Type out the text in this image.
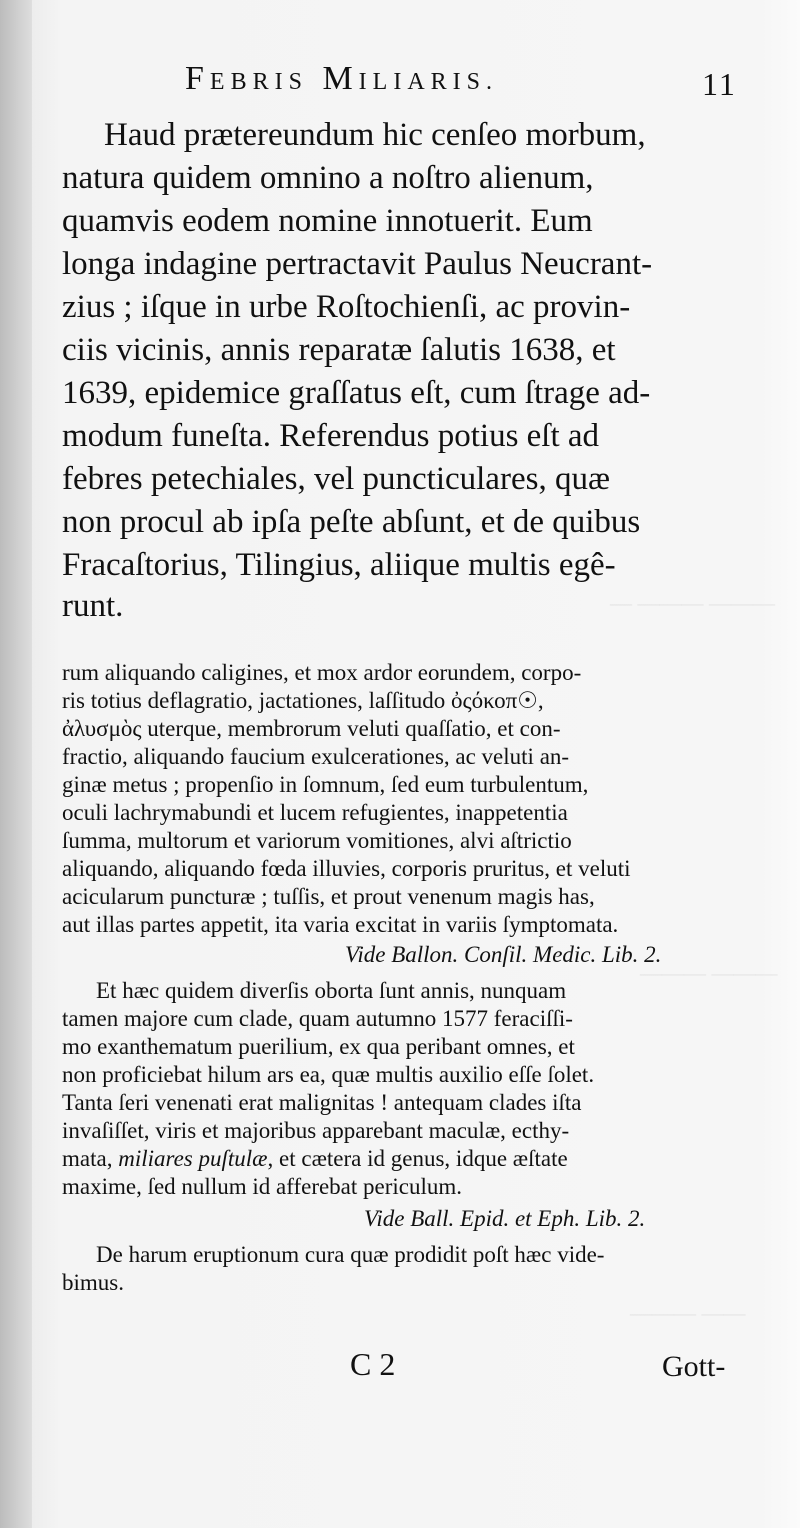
— ——— ———
——— ———
——— ——
FEBRIS MILIARIS.	11
Haud prætereundum hic cenſeo morbum,
natura quidem omnino a noſtro alienum,
quamvis eodem nomine innotuerit. Eum
longa indagine pertractavit Paulus Neucrant-
zius ; iſque in urbe Roſtochienſi, ac provin-
ciis vicinis, annis reparatæ ſalutis 1638, et
1639, epidemice graſſatus eſt, cum ſtrage ad-
modum funeſta. Referendus potius eſt ad
febres petechiales, vel puncticulares, quæ
non procul ab ipſa peſte abſunt, et de quibus
Fracaſtorius, Tilingius, aliique multis egê-
runt.
rum aliquando caligines, et mox ardor eorundem, corpo-
ris totius deflagratio, jactationes, laſſitudo ὀςόκοπ☉,
ἀλυσμὸς uterque, membrorum veluti quaſſatio, et con-
fractio, aliquando faucium exulcerationes, ac veluti an-
ginæ metus ; propenſio in ſomnum, ſed eum turbulentum,
oculi lachrymabundi et lucem refugientes, inappetentia
ſumma, multorum et variorum vomitiones, alvi aſtrictio
aliquando, aliquando fœda illuvies, corporis pruritus, et veluti
acicularum puncturæ ; tuſſis, et prout venenum magis has,
aut illas partes appetit, ita varia excitat in variis ſymptomata.
Vide Ballon. Conſil. Medic. Lib. 2.
Et hæc quidem diverſis oborta ſunt annis, nunquam
tamen majore cum clade, quam autumno 1577 feraciſſi-
mo exanthematum puerilium, ex qua peribant omnes, et
non proficiebat hilum ars ea, quæ multis auxilio eſſe ſolet.
Tanta ſeri venenati erat malignitas ! antequam clades iſta
invaſiſſet, viris et majoribus apparebant maculæ, ecthy-
mata, miliares puſtulæ, et cætera id genus, idque æſtate
maxime, ſed nullum id afferebat periculum.
Vide Ball. Epid. et Eph. Lib. 2.
De harum eruptionum cura quæ prodidit poſt hæc vide-
bimus.
C 2	Gott-
